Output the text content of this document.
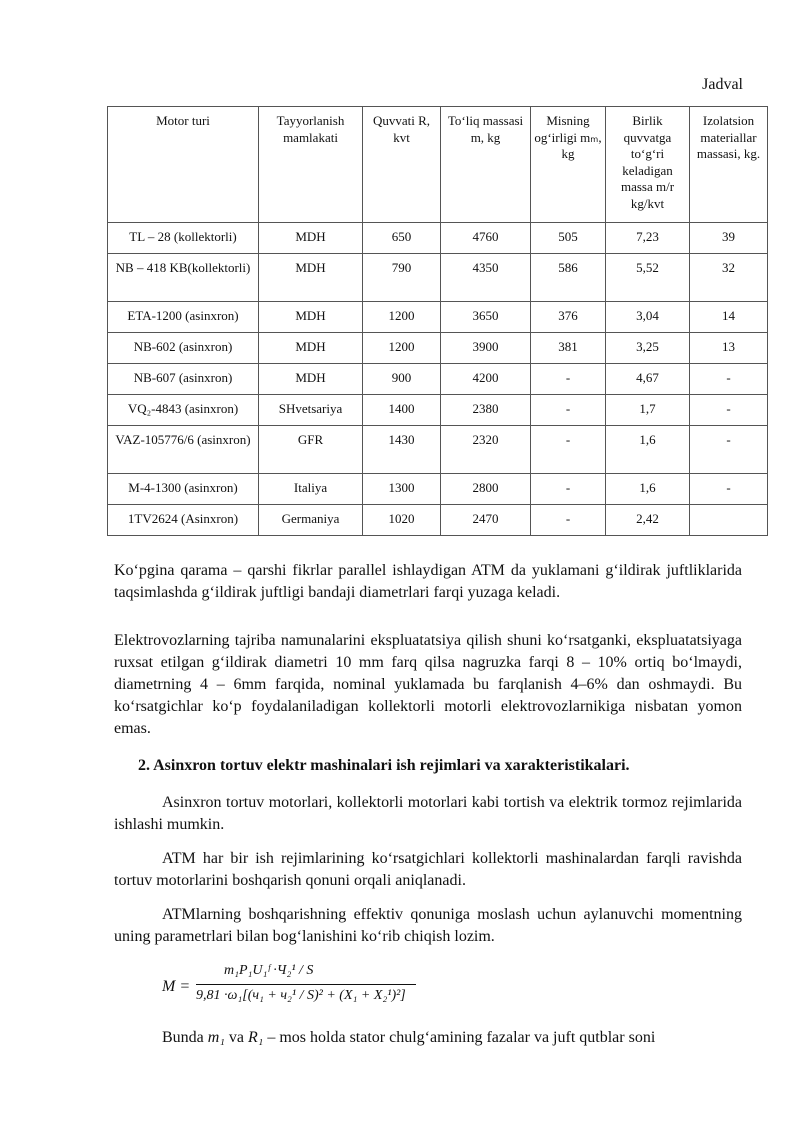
Jadval
Motor turi	Tayyorlanish mamlakati	Quvvati R, kvt	To‘liq massasi m, kg	Misning og‘irligi mₘ, kg	Birlik quvvatga to‘g‘ri keladigan massa m/r kg/kvt	Izolatsion materiallar massasi, kg.
TL – 28 (kollektorli)	MDH	650	4760	505	7,23	39
NB – 418 KB(kollektorli)	MDH	790	4350	586	5,52	32
ETA-1200 (asinxron)	MDH	1200	3650	376	3,04	14
NB-602 (asinxron)	MDH	1200	3900	381	3,25	13
NB-607 (asinxron)	MDH	900	4200	-	4,67	-
VQ₂-4843 (asinxron)	SHvetsariya	1400	2380	-	1,7	-
VAZ-105776/6 (asinxron)	GFR	1430	2320	-	1,6	-
M-4-1300 (asinxron)	Italiya	1300	2800	-	1,6	-
1TV2624 (Asinxron)	Germaniya	1020	2470	-	2,42	

Ko‘pgina qarama – qarshi fikrlar parallel ishlaydigan ATM da yuklamani g‘ildirak juftliklarida taqsimlashda g‘ildirak juftligi bandaji diametrlari farqi yuzaga keladi.

Elektrovozlarning tajriba namunalarini ekspluatatsiya qilish shuni ko‘rsatganki, ekspluatatsiyaga ruxsat etilgan g‘ildirak diametri 10 mm farq qilsa nagruzka farqi 8 – 10% ortiq bo‘lmaydi, diametrning 4 – 6mm farqida, nominal yuklamada bu farqlanish 4–6% dan oshmaydi. Bu ko‘rsatgichlar ko‘p foydalaniladigan kollektorli motorli elektrovozlarnikiga nisbatan yomon emas.

2. Asinxron tortuv elektr mashinalari ish rejimlari va xarakteristikalari.

Asinxron tortuv motorlari, kollektorli motorlari kabi tortish va elektrik tormoz rejimlarida ishlashi mumkin.

ATM har bir ish rejimlarining ko‘rsatgichlari kollektorli mashinalardan farqli ravishda tortuv motorlarini boshqarish qonuni orqali aniqlanadi.

ATMlarning boshqarishning effektiv qonuniga moslash uchun aylanuvchi momentning uning parametrlari bilan bog‘lanishini ko‘rib chiqish lozim.

M =
m₁P₁U₁ᶠ ·Ч₂¹ / S
9,81 ·ω₁[(ч₁ + ч₂¹ / S)² + (X₁ + X₂¹)²]

Bunda m₁ va R₁ – mos holda stator chulg‘amining fazalar va juft qutblar soni
